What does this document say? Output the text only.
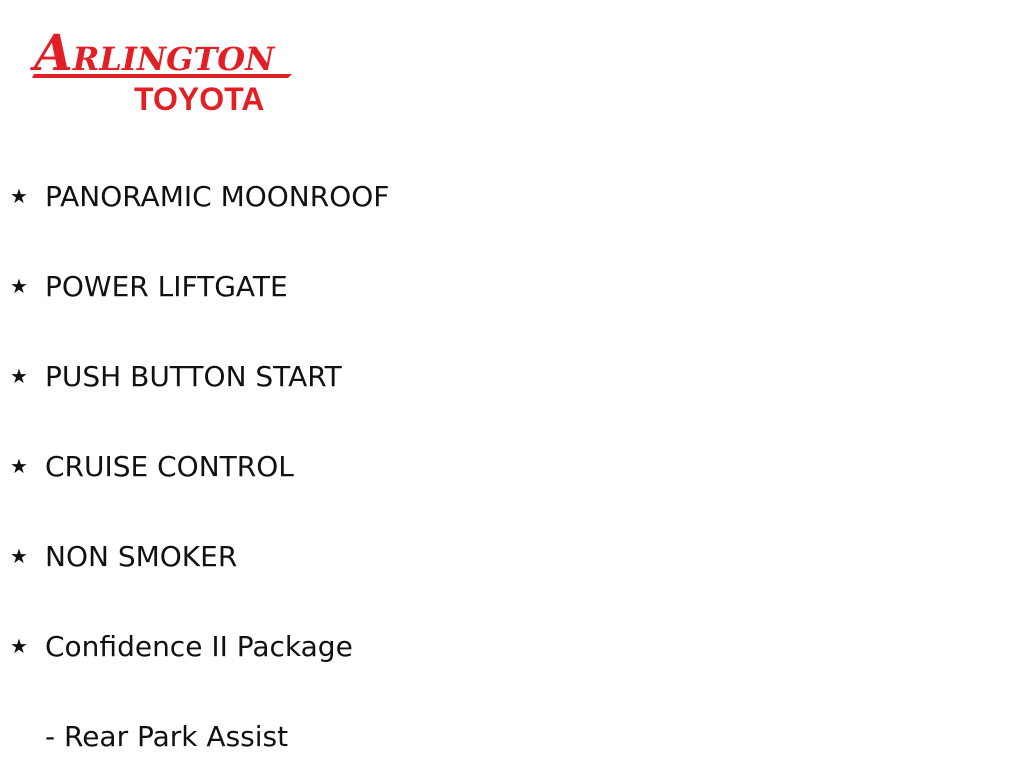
ARLINGTON
TOYOTA
★ PANORAMIC MOONROOF
★ POWER LIFTGATE
★ PUSH BUTTON START
★ CRUISE CONTROL
★ NON SMOKER
★ Confidence II Package
- Rear Park Assist
